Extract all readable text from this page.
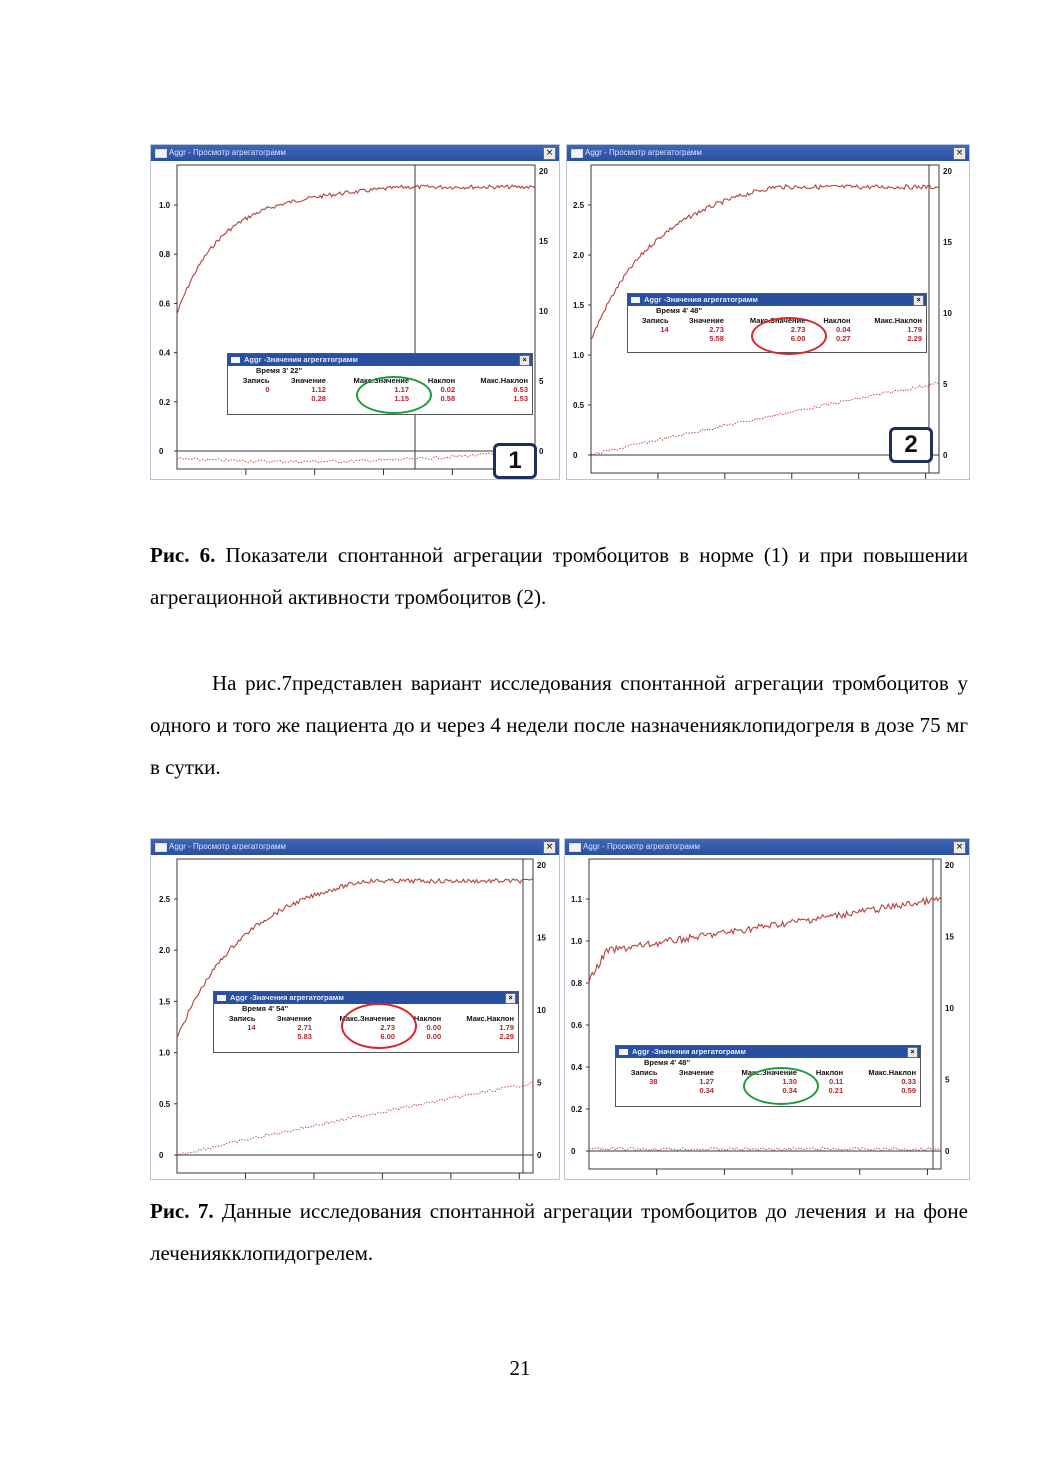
Aggr - Просмотр агрегатограмм	×
1.0
0.8
0.6
0.4
0.2
0
20
15
10
5
0
Aggr -Значения агрегатограмм	×
Время 3' 22''
Запись	Значение	Макс.Значение	Наклон	Макс.Наклон
0	1.12	1.17	0.02	0.53
	0.28	1.15	0.58	1.53
1
Aggr - Просмотр агрегатограмм	×
2.5
2.0
1.5
1.0
0.5
0
20
15
10
5
0
Aggr -Значения агрегатограмм	×
Время 4' 48''
Запись	Значение	Макс.Значение	Наклон	Макс.Наклон
14	2.73	2.73	0.04	1.79
	5.58	6.00	0.27	2.29
2
Рис. 6. Показатели спонтанной агрегации тромбоцитов в норме (1) и при повышении агрегационной активности тромбоцитов (2).
На рис.7представлен вариант исследования спонтанной агрегации тромбоцитов у одного и того же пациента до и через 4 недели после назначенияклопидогреля в дозе 75 мг в сутки.
Aggr - Просмотр агрегатограмм	×
2.5
2.0
1.5
1.0
0.5
0
20
15
10
5
0
Aggr -Значения агрегатограмм	×
Время 4' 54''
Запись	Значение	Макс.Значение	Наклон	Макс.Наклон
14	2.71	2.73	0.00	1.79
	5.83	6.00	0.00	2.29
Aggr - Просмотр агрегатограмм	×
1.1
1.0
0.8
0.6
0.4
0.2
0
20
15
10
5
0
Aggr -Значения агрегатограмм	×
Время 4' 48''
Запись	Значение	Макс.Значение	Наклон	Макс.Наклон
38	1.27	1.30	0.11	0.33
	0.34	0.34	0.21	0.59
Рис. 7. Данные исследования спонтанной агрегации тромбоцитов до лечения и на фоне лечениякклопидогрелем.
21
